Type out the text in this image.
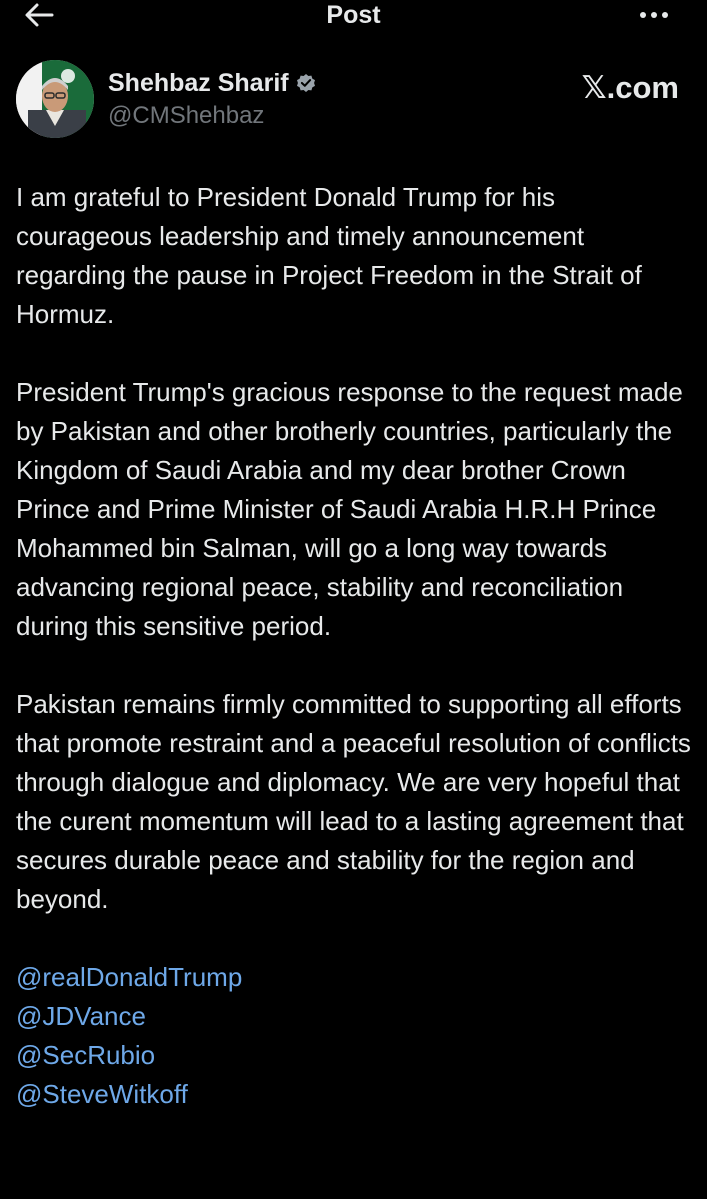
Post
Shehbaz Sharif
@CMShehbaz
𝕏.com

I am grateful to President Donald Trump for his courageous leadership and timely announcement regarding the pause in Project Freedom in the Strait of Hormuz.

President Trump's gracious response to the request made by Pakistan and other brotherly countries, particularly the Kingdom of Saudi Arabia and my dear brother Crown Prince and Prime Minister of Saudi Arabia H.R.H Prince Mohammed bin Salman, will go a long way towards advancing regional peace, stability and reconciliation during this sensitive period.

Pakistan remains firmly committed to supporting all efforts that promote restraint and a peaceful resolution of conflicts through dialogue and diplomacy. We are very hopeful that the curent momentum will lead to a lasting agreement that secures durable peace and stability for the region and beyond.

@realDonaldTrump
@JDVance
@SecRubio
@SteveWitkoff
